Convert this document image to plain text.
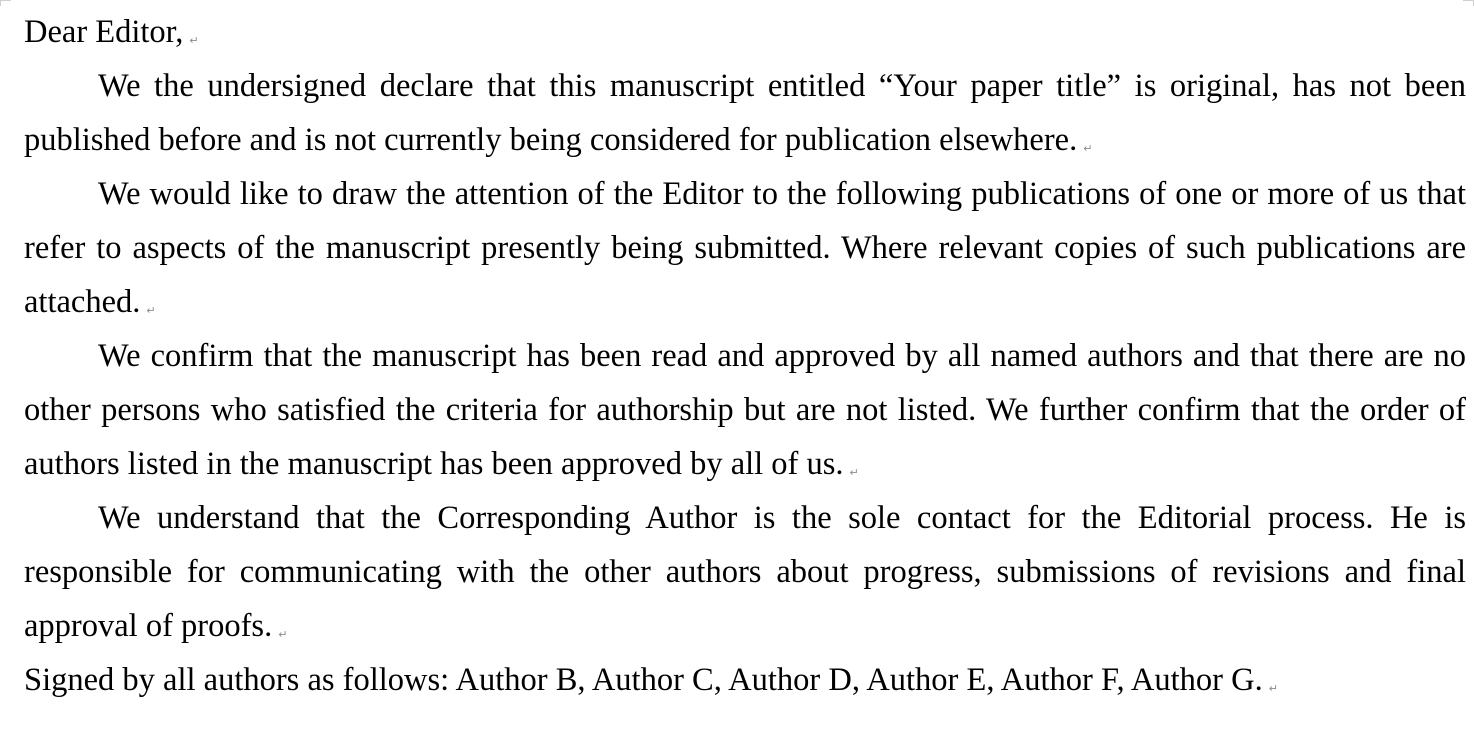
Dear Editor, ↵

We the undersigned declare that this manuscript entitled “Your paper title” is original, has not been published before and is not currently being considered for publication elsewhere. ↵

We would like to draw the attention of the Editor to the following publications of one or more of us that refer to aspects of the manuscript presently being submitted. Where relevant copies of such publications are attached. ↵

We confirm that the manuscript has been read and approved by all named authors and that there are no other persons who satisfied the criteria for authorship but are not listed. We further confirm that the order of authors listed in the manuscript has been approved by all of us. ↵

We understand that the Corresponding Author is the sole contact for the Editorial process. He is responsible for communicating with the other authors about progress, submissions of revisions and final approval of proofs. ↵

Signed by all authors as follows: Author B, Author C, Author D, Author E, Author F, Author G. ↵
